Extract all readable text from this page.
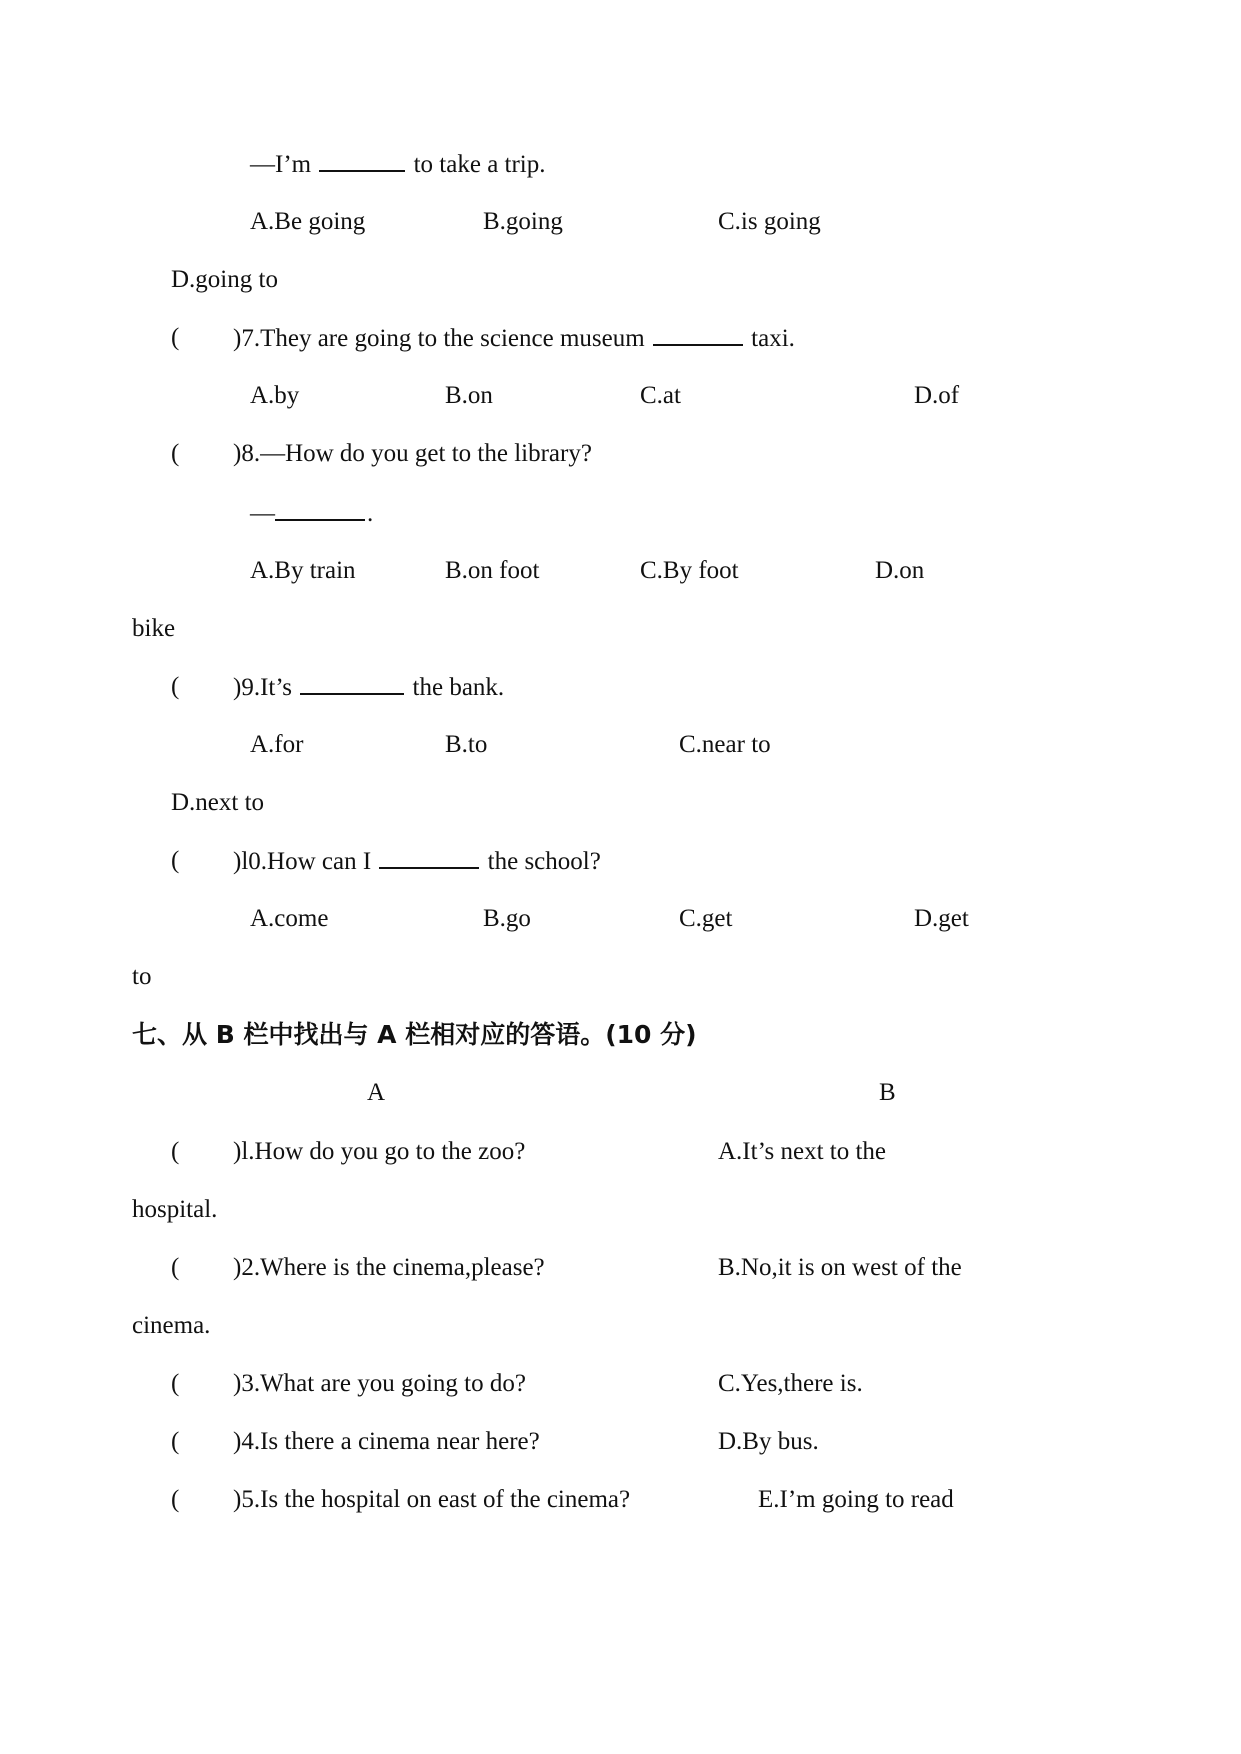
—I’m	to take a trip.
A.Be going	B.going	C.is going
D.going to
( )7.They are going to the science museum	taxi.
A.by	B.on	C.at	D.of
( )8.—How do you get to the library?
—	.
A.By train	B.on foot	C.By foot	D.on
bike
( )9.It’s	the bank.
A.for	B.to	C.near to
D.next to
( )l0.How can I	the school?
A.come	B.go	C.get	D.get
to
七、从 B 栏中找出与 A 栏相对应的答语。(10 分)
A	B
( )l.How do you go to the zoo?	A.It’s next to the
hospital.
( )2.Where is the cinema,please?	B.No,it is on west of the
cinema.
( )3.What are you going to do?	C.Yes,there is.
( )4.Is there a cinema near here?	D.By bus.
( )5.Is the hospital on east of the cinema?	E.I’m going to read
